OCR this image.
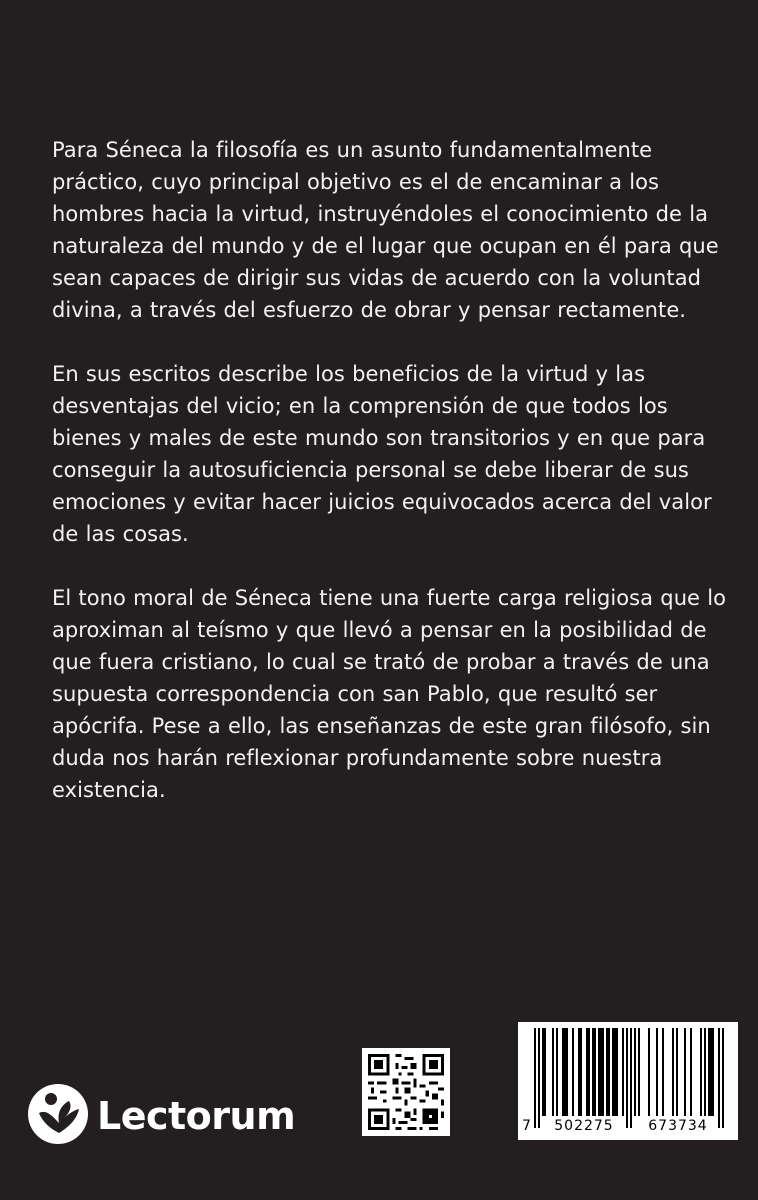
Para Séneca la filosofía es un asunto fundamentalmente práctico, cuyo principal objetivo es el de encaminar a los hombres hacia la virtud, instruyéndoles el conocimiento de la naturaleza del mundo y de el lugar que ocupan en él para que sean capaces de dirigir sus vidas de acuerdo con la voluntad divina, a través del esfuerzo de obrar y pensar rectamente.

En sus escritos describe los beneficios de la virtud y las desventajas del vicio; en la comprensión de que todos los bienes y males de este mundo son transitorios y en que para conseguir la autosuficiencia personal se debe liberar de sus emociones y evitar hacer juicios equivocados acerca del valor de las cosas.

El tono moral de Séneca tiene una fuerte carga religiosa que lo aproximan al teísmo y que llevó a pensar en la posibilidad de que fuera cristiano, lo cual se trató de probar a través de una supuesta correspondencia con san Pablo, que resultó ser apócrifa. Pese a ello, las enseñanzas de este gran filósofo, sin duda nos harán reflexionar profundamente sobre nuestra existencia.

Lectorum	7	502275	673734
